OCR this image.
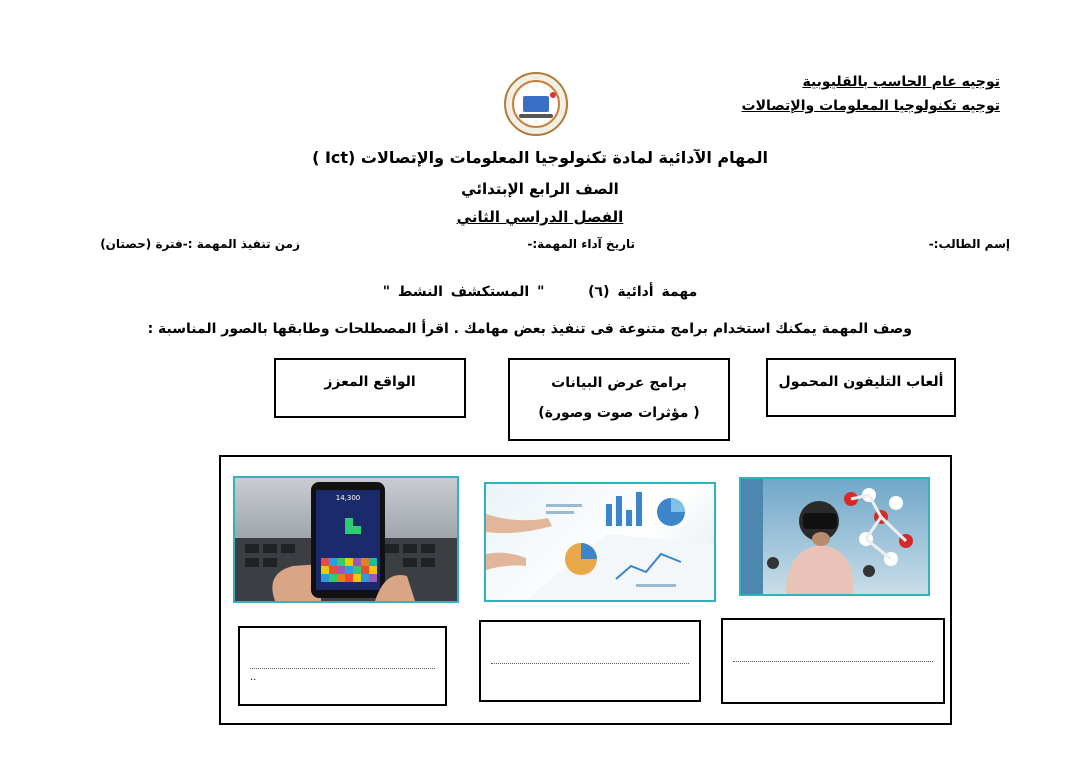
توجيه عام الحاسب بالقليوبية
توجيه تكنولوجيا المعلومات والإتصالات
المهام الآدائية لمادة تكنولوجيا المعلومات والإتصالات (Ict )
الصف الرابع الإبتدائي
الفصل الدراسي الثاني
إسم الطالب:-
تاريخ آداء المهمة:-
زمن تنفيذ المهمة :-فترة (حصتان)
مهمة أدائية (٦)  " المستكشف النشط "
وصف المهمة يمكنك استخدام برامج متنوعة فى تنفيذ بعض مهامك . اقرأ المصطلحات وطابقها بالصور المناسبة :
ألعاب التليفون المحمول
برامج عرض البيانات
( مؤثرات صوت وصورة)
الواقع المعزز
14,300
..
